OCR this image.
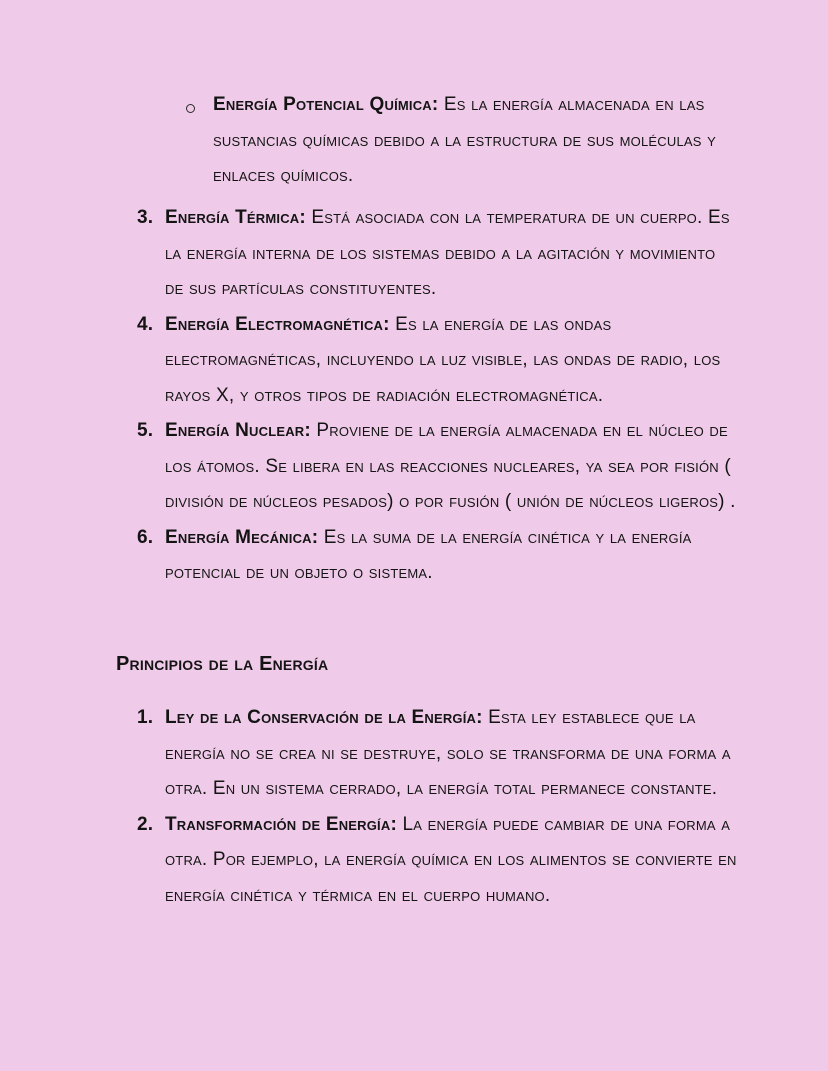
Energía Potencial Química: Es la energía almacenada en las sustancias químicas debido a la estructura de sus moléculas y enlaces químicos.
3. Energía Térmica: Está asociada con la temperatura de un cuerpo. Es la energía interna de los sistemas debido a la agitación y movimiento de sus partículas constituyentes.
4. Energía Electromagnética: Es la energía de las ondas electromagnéticas, incluyendo la luz visible, las ondas de radio, los rayos X, y otros tipos de radiación electromagnética.
5. Energía Nuclear: Proviene de la energía almacenada en el núcleo de los átomos. Se libera en las reacciones nucleares, ya sea por fisión ( división de núcleos pesados) o por fusión ( unión de núcleos ligeros) .
6. Energía Mecánica: Es la suma de la energía cinética y la energía potencial de un objeto o sistema.
Principios de la Energía
1. Ley de la Conservación de la Energía: Esta ley establece que la energía no se crea ni se destruye, solo se transforma de una forma a otra. En un sistema cerrado, la energía total permanece constante.
2. Transformación de Energía: La energía puede cambiar de una forma a otra. Por ejemplo, la energía química en los alimentos se convierte en energía cinética y térmica en el cuerpo humano.
